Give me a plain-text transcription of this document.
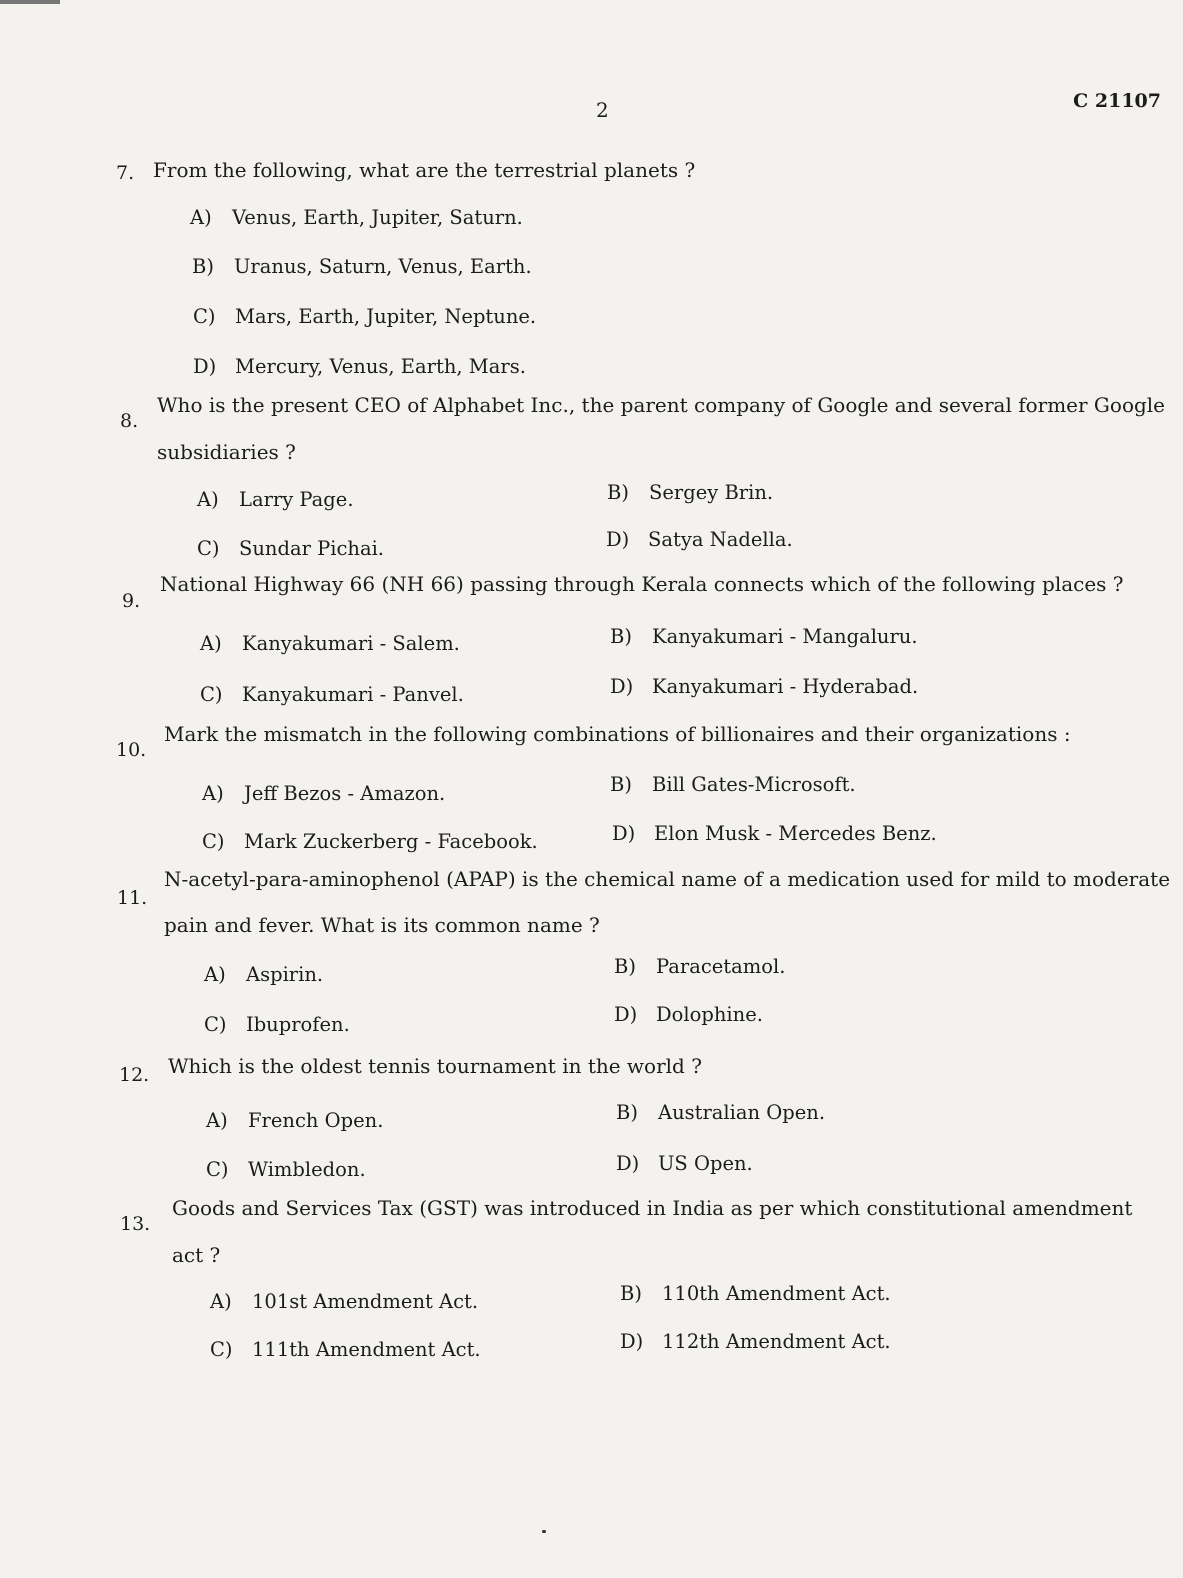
2	C 21107
7. From the following, what are the terrestrial planets ?
A) Venus, Earth, Jupiter, Saturn.
B) Uranus, Saturn, Venus, Earth.
C) Mars, Earth, Jupiter, Neptune.
D) Mercury, Venus, Earth, Mars.
8.
Who is the present CEO of Alphabet Inc., the parent company of Google and several former Google
subsidiaries ?
A) Larry Page.	B) Sergey Brin.
C) Sundar Pichai.	D) Satya Nadella.
9.
National Highway 66 (NH 66) passing through Kerala connects which of the following places ?
A) Kanyakumari - Salem.	B) Kanyakumari - Mangaluru.
C) Kanyakumari - Panvel.	D) Kanyakumari - Hyderabad.
10.
Mark the mismatch in the following combinations of billionaires and their organizations :
A) Jeff Bezos - Amazon.	B) Bill Gates-Microsoft.
C) Mark Zuckerberg - Facebook.	D) Elon Musk - Mercedes Benz.
11.
N-acetyl-para-aminophenol (APAP) is the chemical name of a medication used for mild to moderate
pain and fever. What is its common name ?
A) Aspirin.	B) Paracetamol.
C) Ibuprofen.	D) Dolophine.
12. Which is the oldest tennis tournament in the world ?
A) French Open.	B) Australian Open.
C) Wimbledon.	D) US Open.
13.
Goods and Services Tax (GST) was introduced in India as per which constitutional amendment
act ?
A) 101st Amendment Act.	B) 110th Amendment Act.
C) 111th Amendment Act.	D) 112th Amendment Act.
